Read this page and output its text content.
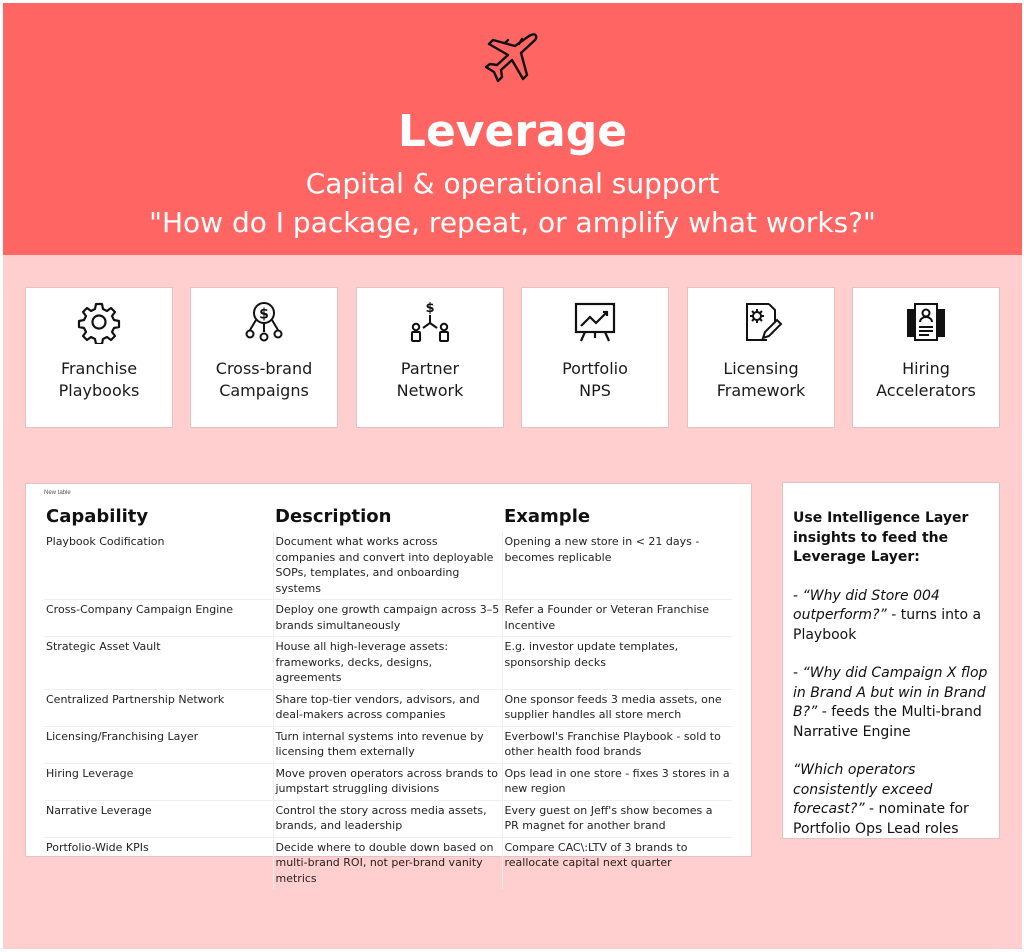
Leverage
Capital & operational support
"How do I package, repeat, or amplify what works?"
Franchise
Playbooks
$
Cross-brand
Campaigns
$
Partner
Network
Portfolio
NPS
Licensing
Framework
Hiring
Accelerators
New table
Capability	Description	Example
Playbook Codification	Document what works across companies and convert into deployable SOPs, templates, and onboarding systems	Opening a new store in < 21 days - becomes replicable
Cross-Company Campaign Engine	Deploy one growth campaign across 3–5 brands simultaneously	Refer a Founder or Veteran Franchise Incentive
Strategic Asset Vault	House all high-leverage assets: frameworks, decks, designs, agreements	E.g. investor update templates, sponsorship decks
Centralized Partnership Network	Share top-tier vendors, advisors, and deal-makers across companies	One sponsor feeds 3 media assets, one supplier handles all store merch
Licensing/Franchising Layer	Turn internal systems into revenue by licensing them externally	Everbowl's Franchise Playbook - sold to other health food brands
Hiring Leverage	Move proven operators across brands to jumpstart struggling divisions	Ops lead in one store - fixes 3 stores in a new region
Narrative Leverage	Control the story across media assets, brands, and leadership	Every guest on Jeff's show becomes a PR magnet for another brand
Portfolio-Wide KPIs	Decide where to double down based on multi-brand ROI, not per-brand vanity metrics	Compare CAC\:LTV of 3 brands to reallocate capital next quarter
Use Intelligence Layer insights to feed the Leverage Layer:

- “Why did Store 004 outperform?” - turns into a Playbook

- “Why did Campaign X flop in Brand A but win in Brand B?” - feeds the Multi-brand Narrative Engine

“Which operators consistently exceed forecast?” - nominate for Portfolio Ops Lead roles
